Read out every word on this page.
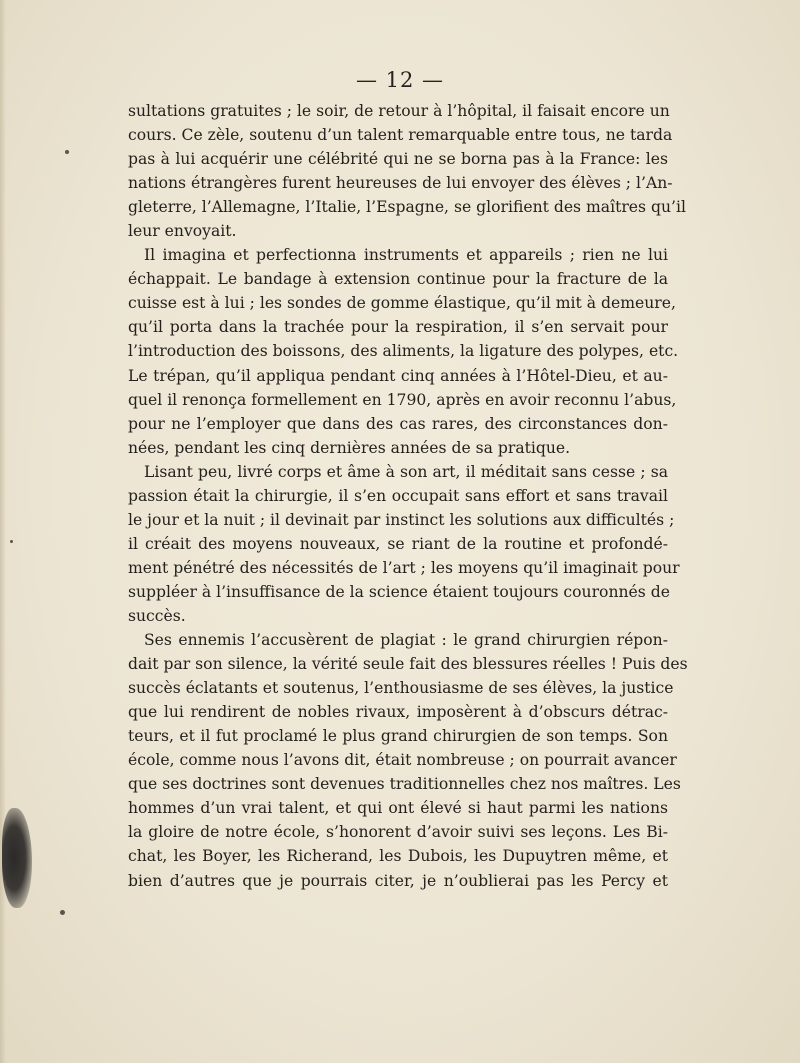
— 12 —
sultations gratuites ; le soir, de retour à l’hôpital, il faisait encore un
cours. Ce zèle, soutenu d’un talent remarquable entre tous, ne tarda
pas à lui acquérir une célébrité qui ne se borna pas à la France: les
nations étrangères furent heureuses de lui envoyer des élèves ; l’An-
gleterre, l’Allemagne, l’Italie, l’Espagne, se glorifient des maîtres qu’il
leur envoyait.
Il imagina et perfectionna instruments et appareils ; rien ne lui
échappait. Le bandage à extension continue pour la fracture de la
cuisse est à lui ; les sondes de gomme élastique, qu’il mit à demeure,
qu’il porta dans la trachée pour la respiration, il s’en servait pour
l’introduction des boissons, des aliments, la ligature des polypes, etc.
Le trépan, qu’il appliqua pendant cinq années à l’Hôtel-Dieu, et au-
quel il renonça formellement en 1790, après en avoir reconnu l’abus,
pour ne l’employer que dans des cas rares, des circonstances don-
nées, pendant les cinq dernières années de sa pratique.
Lisant peu, livré corps et âme à son art, il méditait sans cesse ; sa
passion était la chirurgie, il s’en occupait sans effort et sans travail
le jour et la nuit ; il devinait par instinct les solutions aux difficultés ;
il créait des moyens nouveaux, se riant de la routine et profondé-
ment pénétré des nécessités de l’art ; les moyens qu’il imaginait pour
suppléer à l’insuffisance de la science étaient toujours couronnés de
succès.
Ses ennemis l’accusèrent de plagiat : le grand chirurgien répon-
dait par son silence, la vérité seule fait des blessures réelles ! Puis des
succès éclatants et soutenus, l’enthousiasme de ses élèves, la justice
que lui rendirent de nobles rivaux, imposèrent à d’obscurs détrac-
teurs, et il fut proclamé le plus grand chirurgien de son temps. Son
école, comme nous l’avons dit, était nombreuse ; on pourrait avancer
que ses doctrines sont devenues traditionnelles chez nos maîtres. Les
hommes d’un vrai talent, et qui ont élevé si haut parmi les nations
la gloire de notre école, s’honorent d’avoir suivi ses leçons. Les Bi-
chat, les Boyer, les Richerand, les Dubois, les Dupuytren même, et
bien d’autres que je pourrais citer, je n’oublierai pas les Percy et
